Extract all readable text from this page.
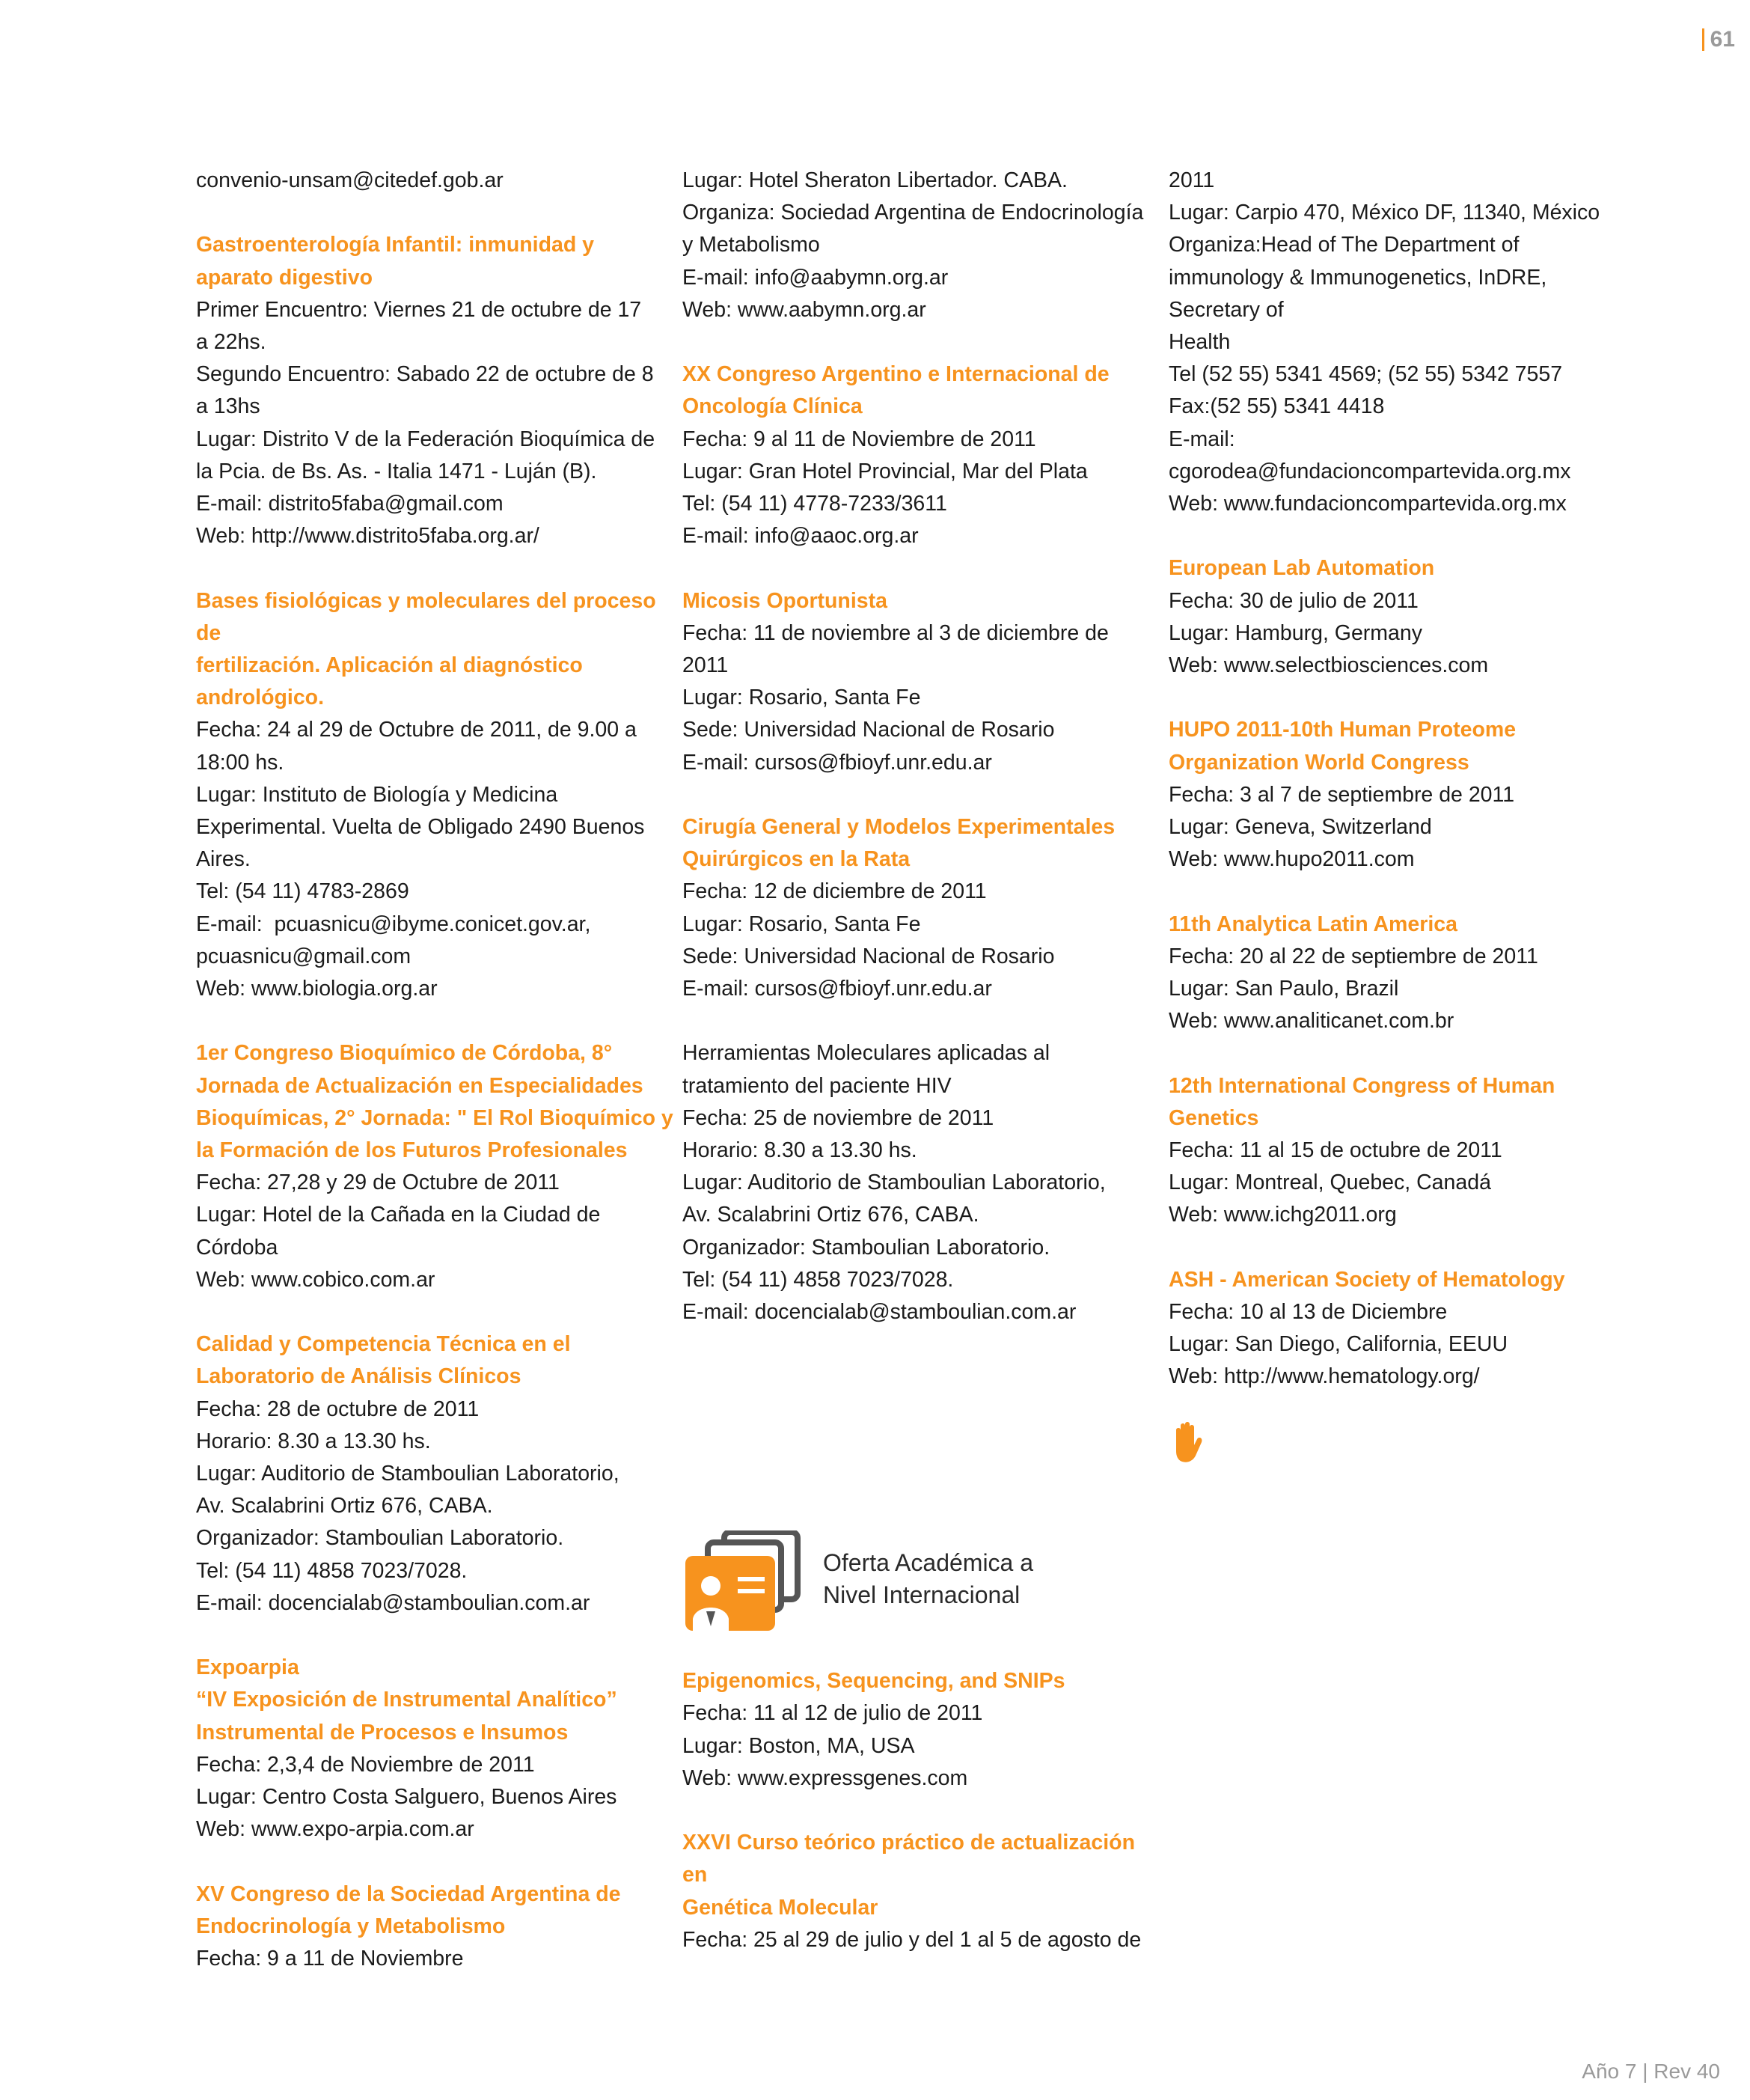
61
convenio-unsam@citedef.gob.ar
Gastroenterología Infantil: inmunidad y
aparato digestivo
Primer Encuentro: Viernes 21 de octubre de 17
a 22hs.
Segundo Encuentro: Sabado 22 de octubre de 8
a 13hs
Lugar: Distrito V de la Federación Bioquímica de
la Pcia. de Bs. As. - Italia 1471 - Luján (B).
E-mail: distrito5faba@gmail.com
Web: http://www.distrito5faba.org.ar/
Bases fisiológicas y moleculares del proceso de
fertilización. Aplicación al diagnóstico
andrológico.
Fecha: 24 al 29 de Octubre de 2011, de 9.00 a
18:00 hs.
Lugar: Instituto de Biología y Medicina
Experimental. Vuelta de Obligado 2490 Buenos
Aires.
Tel: (54 11) 4783-2869
E-mail:  pcuasnicu@ibyme.conicet.gov.ar,
pcuasnicu@gmail.com
Web: www.biologia.org.ar
1er Congreso Bioquímico de Córdoba, 8°
Jornada de Actualización en Especialidades
Bioquímicas, 2° Jornada: " El Rol Bioquímico y
la Formación de los Futuros Profesionales
Fecha: 27,28 y 29 de Octubre de 2011
Lugar: Hotel de la Cañada en la Ciudad de
Córdoba
Web: www.cobico.com.ar
Calidad y Competencia Técnica en el
Laboratorio de Análisis Clínicos
Fecha: 28 de octubre de 2011
Horario: 8.30 a 13.30 hs.
Lugar: Auditorio de Stamboulian Laboratorio,
Av. Scalabrini Ortiz 676, CABA.
Organizador: Stamboulian Laboratorio.
Tel: (54 11) 4858 7023/7028.
E-mail: docencialab@stamboulian.com.ar
Expoarpia
“IV Exposición de Instrumental Analítico”
Instrumental de Procesos e Insumos
Fecha: 2,3,4 de Noviembre de 2011
Lugar: Centro Costa Salguero, Buenos Aires
Web: www.expo-arpia.com.ar
XV Congreso de la Sociedad Argentina de
Endocrinología y Metabolismo
Fecha: 9 a 11 de Noviembre
Lugar: Hotel Sheraton Libertador. CABA.
Organiza: Sociedad Argentina de Endocrinología
y Metabolismo
E-mail: info@aabymn.org.ar
Web: www.aabymn.org.ar
XX Congreso Argentino e Internacional de
Oncología Clínica
Fecha: 9 al 11 de Noviembre de 2011
Lugar: Gran Hotel Provincial, Mar del Plata
Tel: (54 11) 4778-7233/3611
E-mail: info@aaoc.org.ar
Micosis Oportunista
Fecha: 11 de noviembre al 3 de diciembre de
2011
Lugar: Rosario, Santa Fe
Sede: Universidad Nacional de Rosario
E-mail: cursos@fbioyf.unr.edu.ar
Cirugía General y Modelos Experimentales
Quirúrgicos en la Rata
Fecha: 12 de diciembre de 2011
Lugar: Rosario, Santa Fe
Sede: Universidad Nacional de Rosario
E-mail: cursos@fbioyf.unr.edu.ar
Herramientas Moleculares aplicadas al
tratamiento del paciente HIV
Fecha: 25 de noviembre de 2011
Horario: 8.30 a 13.30 hs.
Lugar: Auditorio de Stamboulian Laboratorio,
Av. Scalabrini Ortiz 676, CABA.
Organizador: Stamboulian Laboratorio.
Tel: (54 11) 4858 7023/7028.
E-mail: docencialab@stamboulian.com.ar
Oferta Académica a
Nivel Internacional
Epigenomics, Sequencing, and SNIPs
Fecha: 11 al 12 de julio de 2011
Lugar: Boston, MA, USA
Web: www.expressgenes.com
XXVI Curso teórico práctico de actualización en
Genética Molecular
Fecha: 25 al 29 de julio y del 1 al 5 de agosto de
2011
Lugar: Carpio 470, México DF, 11340, México
Organiza:Head of The Department of
immunology & Immunogenetics, InDRE,
Secretary of
Health
Tel (52 55) 5341 4569; (52 55) 5342 7557
Fax:(52 55) 5341 4418
E-mail:
cgorodea@fundacioncompartevida.org.mx
Web: www.fundacioncompartevida.org.mx
European Lab Automation
Fecha: 30 de julio de 2011
Lugar: Hamburg, Germany
Web: www.selectbiosciences.com
HUPO 2011-10th Human Proteome
Organization World Congress
Fecha: 3 al 7 de septiembre de 2011
Lugar: Geneva, Switzerland
Web: www.hupo2011.com
11th Analytica Latin America
Fecha: 20 al 22 de septiembre de 2011
Lugar: San Paulo, Brazil
Web: www.analiticanet.com.br
12th International Congress of Human
Genetics
Fecha: 11 al 15 de octubre de 2011
Lugar: Montreal, Quebec, Canadá
Web: www.ichg2011.org
ASH - American Society of Hematology
Fecha: 10 al 13 de Diciembre
Lugar: San Diego, California, EEUU
Web: http://www.hematology.org/
Año 7 | Rev 40
